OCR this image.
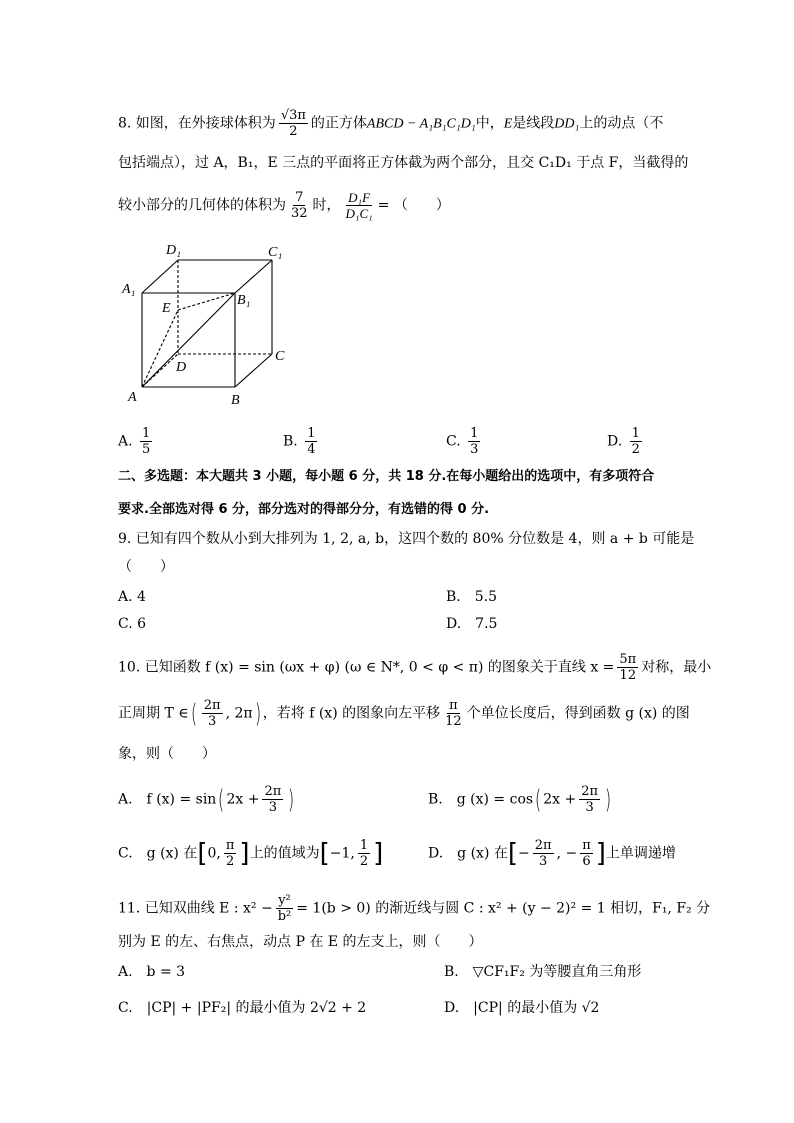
8. 如图，在外接球体积为 $\frac{√3\pi}{2}$ 的正方体ABCD − A₁B₁C₁D₁中，E是线段DD₁上的动点（不
包括端点），过 A，B₁，E 三点的平面将正方体截为两个部分，且交 C₁D₁ 于点 F，当截得的
较小部分的几何体的体积为 $\frac{7}{32}$ 时， $\frac{\text{D₁F}}{\text{D₁C₁}}$ = （　　）
D₁	C₁
A₁
B₁
E
D
C
A	B
A. $\frac{1}{5}$	B. $\frac{1}{4}$	C. $\frac{1}{3}$	D. $\frac{1}{2}$
二、多选题：本大题共 3 小题，每小题 6 分，共 18 分.在每小题给出的选项中，有多项符合
要求.全部选对得 6 分，部分选对的得部分分，有选错的得 0 分.
9. 已知有四个数从小到大排列为 1, 2, a, b，这四个数的 80% 分位数是 4，则 a + b 可能是
（　　）
A. 4	B.　5.5
C. 6	D.　7.5
10. 已知函数 f (x) = sin (ωx + φ) (ω ∈ N*, 0 < φ < π) 的图象关于直线 $x = \frac{5\pi}{12}$ 对称，最小
正周期 T ∈( $\frac{2\pi}{3}$ , 2π) ，若将 f (x) 的图象向左平移 $\frac{\pi}{12}$ 个单位长度后，得到函数 g (x) 的图
象，则（　　）
A.　f (x) = sin( $2x + \frac{2\pi}{3}$ )	B.　g (x) = cos( $2x + \frac{2\pi}{3}$ )
C.　g (x) 在[0, $\frac{\pi}{2}$ ]上的值域为[−1, $\frac{1}{2}$ ]	D.　g (x) 在[− $\frac{2\pi}{3}$ , − $\frac{\pi}{6}$ ]上单调递增
11. 已知双曲线 E : $x^2 - \frac{\text{y²}}{\text{b²}} = 1(b > 0)$ 的渐近线与圆 C : x² + (y − 2)² = 1 相切，F₁, F₂ 分
别为 E 的左、右焦点，动点 P 在 E 的左支上，则（　　）
A.　b = 3	B.　▽CF₁F₂ 为等腰直角三角形
C.　|CP| + |PF₂| 的最小值为 2√2 + 2	D.　|CP| 的最小值为 √2
